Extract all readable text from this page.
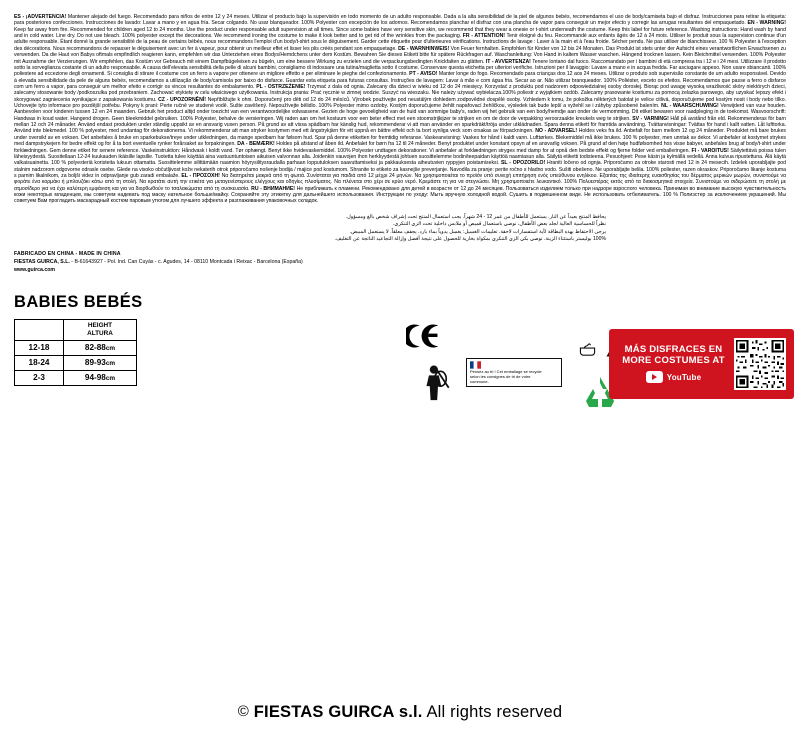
ES - ¡ADVERTENCIA! Mantener alejado del fuego. Recomendado para niños de entre 12 y 24 meses. Utilizar el producto bajo la supervisión en todo momento de un adulto responsable. Dada a la alta sensibilidad de la piel de algunos bebés, recomendamos el uso de body/camiseta bajo el disfraz. Instrucciones para retirar la etiqueta: para posteriores confecciones. Instrucciones de lavado: Lavar a mano y en agua fría. Secar colgando. No usar blanqueador. 100% Polyester con excepción de los adornos. Recomendamos planchar el disfraz con una plancha de vapor para conseguir un mejor efecto y corregir las arrugas resultantes del empaquetado. EN - WARNING! Keep far away from fire. Recommended for children aged 12 to 24 months. Use the product under responsable adult supervision at all times. Since some babies have very sensitive skin, we recommend that they wear a onesie or t-shirt underneath the costume. Keep this label for future reference. Washing instructions: Hand wash by hand and in cold water. Line dry. Do not use bleach. 100% polyester except the decorations. We recommend ironing the costume to make it look better and to get rid of the wrinkles from the packaging. FR - ATTENTION! Tenir éloigné du feu. Recommandé aux enfants âgés de 12 à 24 mois. Utiliser le produit sous la supervision continue d'un adulte responsable. Étant donné la grande sensibilité de la peau de certains bébés, nous recommandons l'emploi d'un body/t-shirt sous le déguisement. Garder cette étiquette pour d'ulterieures vérifications. Instructions de lavage : Laver à la main et à l'eau froide. Sécher pendu. Ne pas utiliser de blanchisseur. 100 % Polyester à l'exception des décorations. Nous recommandons de repasser le déguisement avec un fer à vapeur, pour obtenir un meilleur effet et lisser les plis créés pendant son empaquetage. DE - WARNHINWEIS! Von Feuer fernhalten. Empfohlen für Kinder von 12 bis 24 Monaten. Das Produkt ist stets unter der Aufsicht eines verantwortlichen Erwachsenen zu verwenden. Da die Haut von Babys oftmals empfindlich reagieren kann, empfehlen wir das Unterziehen eines Bodys/Hemdchens unter dem Kostüm. Bewahren Sie dieses Etikett bitte für spätere Rückfragen auf. Waschanleitung: Von Hand in kaltem Wasser waschen. Hängend trocknen lassen. Kein Bleichmittel verwenden. 100% Polyester mit Ausnahme der Verzierungen. Wir empfehlen, das Kostüm vor Gebrauch mit einem Dampfbügeleisen zu bügeln, um eine bessere Wirkung zu erzielen und die verpackungsbedingten Knickfalten zu glätten. IT - AVVERTENZA! Tenere lontano dal fuoco. Raccomandato per i bambini di età compresa tra i 12 e i 24 mesi. Utilizzare il prodotto sotto la sorveglianza costante di un adulto responsabile. A causa dell'elevata sensibilità della pelle di alcuni bambini, consigliamo di indossare una tutina/maglietta sotto il costume. Conservare questa etichetta per ulteriori verifiche. Istruzioni per il lavaggio: Lavare a mano e in acqua fredda. Far asciugare appeso. Non usare sbiancanti. 100% poliestere ad eccezione degli ornamenti. Si consiglia di stirare il costume con un ferro a vapore per ottenere un migliore effetto e per eliminare le pieghe del confezionamento. PT - AVISO! Manter longe do fogo. Recomendado para crianças dos 12 aos 24 meses. Utilizar o produto sob supervisão constante de um adulto responsável. Devido à elevada sensibilidade da pele de alguns bebés, recomendamos a utilização de body/camisola por baixo do disfarce. Guardar esta etiqueta para futuras consultas. Instruções de lavagem: Lavar à mão e com água fria. Secar ao ar. Não utilizar branqueador. 100% Poliéster, exceto os efeitos. Recomendamos que passe a ferro o disfarce com um ferro a vapor, para conseguir um melhor efeito e corrigir os vincos resultantes do embalamento. PL - OSTRZEŻENIE! Trzymać z dala od ognia. Zalecany dla dzieci w wieku od 12 do 24 miesięcy. Korzystać z produktu pod nadzorem odpowiedzialnej osoby dorosłej. Biorąc pod uwagę wysoką wrażliwość skóry niektórych dzieci, zalecamy stosowanie body /podkoszulka pod przebraniem. Zachować etykietę w celu właściwego użytkowania. Instrukcja prania: Prać ręcznie w zimnej wodzie. Suszyć na wieszaku. Nie należy używać wybielacza.100% poliestr z wyjątkiem ozdób. Zalecamy prasowanie kostiumu za pomocą żelazka parowego, aby uzyskać lepszy efekt i skorygować zagniecenia wynikające z zapakowania kostiumu. CZ - UPOZORNĚNÍ! Nepřibližujte k ohni. Doporučený pro děti od 12 do 24 měsíců. Výrobek používejte pod neustálým dohledem zodpovědné dospělé osoby. Vzhledem k tomu, že pokožka některých batolat je velice citlivá, doporučujeme pod kostým nosit i body nebo tílko. Uchovejte tyto informace pro pozdější potřebu. Pokyny k praní: Perte ručně ve studené vodě. Sušte zavěšený. Nepoužívejte bělidlo. 100% Polyester mimo ozdoby. Kostým doporučujeme žehlit napařovací žehličkou, výsledek tak bude lepší a vyžehlí se i záhyby způsobené balením. NL - WAARSCHUWING! Verwijderd van vuur houden. Aanbevolen voor kinderen tussen 12 en 24 maanden. Gebruik het product altijd onder toezicht van een verantwoordelijke volwassene. Gezien de hoge gevoeligheid van de huid van sommige baby's, raden wij het gebruik van een body/hemdje aan onder de vermomming. Dit etiket bewaren voor raadpleging in de toekomst. Wasvoorschrift: Handwas in koud water. Hangend drogen. Geen bleekmiddel gebruiken. 100% Polyester, behalve de versieringen. Wij raden aan om het kostuum voor een beter effect met een stoomstrijkijzer te strijken en om de door de verpakking veroorzaakte kreukels weg te strijken. SV - VARNING! Håll på avstånd från eld. Rekommenderas för barn mellan 12 och 24 månader. Använd endast produkten under ständig uppsikt av en ansvarig vuxen person. På grund av att vissa spädbarn har känslig hud, rekommenderar vi att man använder en sparkdräkt/tröja under utklädnaden. Spara denna etikett för framtida användning. Tvättanvisningar: Tvättas för hand i kallt vatten. Låt lufttorka. Använd inte blekmedel. 100 % polyester, med undantag för dekorationerna. Vi rekommenderar att man stryker kostymen med ett ångstrykjärn för ett uppnå en bättre effekt och ta bort synliga veck som orsakas av förpackningen. NO - ADVARSEL! Holdes veks fra ild. Anbefalt for barn mellom 12 og 24 måneder. Produktet må bare brukes under oversikt av en voksen. Det anbefales å bruke en sparkebukse/treye under utkledningen, da mange spedbarn har følsom hud. Spar på denne etiketten for fremtidig referanse. Vaskeanvisning: Vaskes for hånd i kaldt vann. Lufttørkes. Blekemiddel må ikke brukes. 100 % polyester, men unntak av dekor. Vi anbefaler at kostymet strykes med dampstrykejern for bedre effekt og for å ta bort eventuelle rynker forårsaket av forpakningen. DA - BEMÆRK! Holdes på afstand af åben ild. Anbefalet for børn fra 12 til 24 måneder. Benyt produktet under konstant opsyn af en ansvarlig voksen. På grund af den høje hudfølsomhed hos visse babyer, anbefales brug af body/t-shirt under forklædningen. Gem denne etiket for senere reference. Vaskeinstruktion: Håndvask i koldt vand. Tør ophængt. Benyt ikke hvidevaskemiddel. 100% Polyester undtagen dekorationer. Vi anbefaler at forklædningen stryges med damp for at opnå den bedste effekt og fjerne folder ved emballeringen. FI - VAROITUS! Säilytettävä poissa tulen läheisyydestä. Suositellaan 12-24 kuukauden ikäisille lapsille. Tuotetta tulee käyttää aina vastuuntuntoisen aikuisen valvonnan alla. Joidenkin vauvojen ihon herkkyydestä johtuen suosittelemme bodin/teepaidan käyttöä naamiasun alla. Säilytä etiketti todisteena. Pesuohjeet: Pese käsin ja kylmällä vedellä. Anna kuivua ripustettuna. Älä käytä valkaisuainetta. 100 % polyesteriä koristeita lukuun ottamatta. Suosittelemme silittämään naamion höyrysilitysraudalla parhaan lopputuloksen saavuttamiseksi ja pakkauksesta aiheutuvien ryppyjen poistamiseksi. SL - OPOZORILO! Hraniti ločeno od ognja. Priporočamo za otroke starosti med 12 in 24 mesecih. Izdelek uporabljajte pod stalnim nadzorom odgovorne odrasle osebe. Glede na visoko občutljivost kože nekaterih otrok priporočamo nošenje bodija / majice pod kostumom. Shranite to etiketo za kasnejše preverjanje. Navodila za pranje: perite ročno s hladno vodo. Sušiti obešeno. Ne uporabljajte belila. 100% poliester, razen okraskov. Priporočamo likanje kostuma s parnim likalnikom, za boljši videz in odpravljanje gub zaradi embalaže. EL - ΠΡΟΣΟΧΗ! Να διατηρείται μακριά από τη φωτιά. Συνίσταται για παιδιά από 12 μέχρι 24 μηνών. Να χρησιμοποιείται το προϊόν υπό συνεχή επιτήρηση ενός υπεύθυνου ενηλίκου. Εξαιτίας της ιδιαίτερης ευαισθησίας του δέρματος μερικών μωρών, συνιστούμε να φοράτε ένα κορμάκι ή μπλουζάκι κάτω από τη στολή. Να κρατάτε αυτή την ετικέτα για μεταγενέστερους ελέγχους και οδηγίες πλυσίματος. Να πλένεται στο χέρι σε κρύο νερό. Κρεμάστε τη για να στεγνώσει. Μη χρησιμοποιείτε λευκαντικό. 100% Πολυεστέρας εκτός από τα διακοσμητικά στοιχεία. Συνιστούμε να σιδερώσετε τη στολή με ατμοσίδερο για να έχει καλύτερη εμφάνιση και για να διορθωθούν το τσαλακώματα από τη συσκευασία. RU - ВНИМАНИЕ! Не приближать к пламени. Рекомендовано для детей в возрасте от 12 до 24 месяцев. Пользоваться изделием только при надзоре взрослого человека. Принимая во внимание высокую чувствительность кожи некоторых младенцев, мы советуем надевать под маску нательное больше/майку. Сохраняйте эту этикетку для дальнейшего использования. Инструкции по уходу: Мыть вручную холодной водой. Сушить в подвешенном виде. Не использовать отбеливатель. 100 % Полиэстер за исключением украшений. Мы советуем Вам прогладить маскарадный костюм паровым утюгом для лучшего эффекта и разглаживания упаковочных складок.

يحافظ المنتج بعيداً عن النار. يستعمل للأطفال من عمر 12 - 24 شهراً. يجب استعمال المنتج تحت إشراف شخص بالغ ومسؤول.
نظراً للحساسية العالية لجلد بعض الأطفال، نوصي باستعمال قميص أو ملابس داخلية تحت الزي التنكري.
يرجى الاحتفاظ بهذه البطاقة لأية استفسارات لاحقة. تعليمات الغسيل: يغسل يدوياً بماء بارد. يجفف معلقاً. لا يستعمل المبيض.
100% بوليستر باستثناء الزينة. نوصي بكي الزي التنكري بمكواة بخارية للحصول على نتيجة أفضل وإزالة التجاعيد الناتجة عن التغليف.
FABRICADO EN CHINA - MADE IN CHINA
FIESTAS GUIRCA, S.L. - B-61643927 - Pol. Ind. Can Cuyás - c. Agudes, 14 - 08110 Montcada i Reixac - Barcelona (España)
www.guirca.com
BABIES BEBÉS

	HEIGHT
ALTURA

12-18	82-88cm
18-24	89-93cm
2-3	94-98cm
Pensez au tri ! Cet emballage se recycle selon les consignes de tri de votre commune.
MÁS DISFRACES EN
MORE COSTUMES AT
YouTube
© FIESTAS GUIRCA s.l. All rights reserved
